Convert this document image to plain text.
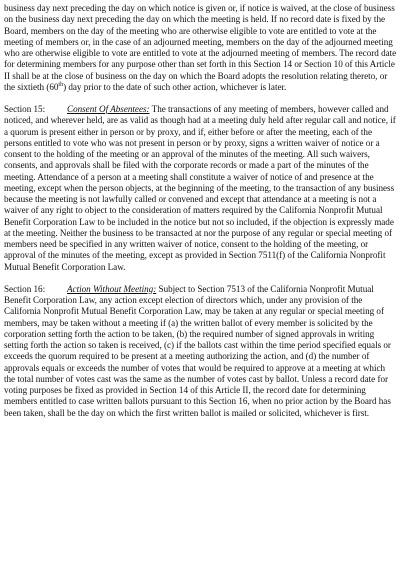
business day next preceding the day on which notice is given or, if notice is waived, at the close of business on the business day next preceding the day on which the meeting is held. If no record date is fixed by the Board, members on the day of the meeting who are otherwise eligible to vote are entitled to vote at the meeting of members or, in the case of an adjourned meeting, members on the day of the adjourned meeting who are otherwise eligible to vote are entitled to vote at the adjourned meeting of members. The record date for determining members for any purpose other than set forth in this Section 14 or Section 10 of this Article II shall be at the close of business on the day on which the Board adopts the resolution relating thereto, or the sixtieth (60th) day prior to the date of such other action, whichever is later.

Section 15: Consent Of Absentees: The transactions of any meeting of members, however called and noticed, and wherever held, are as valid as though had at a meeting duly held after regular call and notice, if a quorum is present either in person or by proxy, and if, either before or after the meeting, each of the persons entitled to vote who was not present in person or by proxy, signs a written waiver of notice or a consent to the holding of the meeting or an approval of the minutes of the meeting. All such waivers, consents, and approvals shall be filed with the corporate records or made a part of the minutes of the meeting. Attendance of a person at a meeting shall constitute a waiver of notice of and presence at the meeting, except when the person objects, at the beginning of the meeting, to the transaction of any business because the meeting is not lawfully called or convened and except that attendance at a meeting is not a waiver of any right to object to the consideration of matters required by the California Nonprofit Mutual Benefit Corporation Law to be included in the notice but not so included, if the objection is expressly made at the meeting. Neither the business to be transacted at nor the purpose of any regular or special meeting of members need be specified in any written waiver of notice, consent to the holding of the meeting, or approval of the minutes of the meeting, except as provided in Section 7511(f) of the California Nonprofit Mutual Benefit Corporation Law.

Section 16: Action Without Meeting: Subject to Section 7513 of the California Nonprofit Mutual Benefit Corporation Law, any action except election of directors which, under any provision of the California Nonprofit Mutual Benefit Corporation Law, may be taken at any regular or special meeting of members, may be taken without a meeting if (a) the written ballot of every member is solicited by the corporation setting forth the action to be taken, (b) the required number of signed approvals in writing setting forth the action so taken is received, (c) if the ballots cast within the time period specified equals or exceeds the quorum required to be present at a meeting authorizing the action, and (d) the number of approvals equals or exceeds the number of votes that would be required to approve at a meeting at which the total number of votes cast was the same as the number of votes cast by ballot. Unless a record date for voting purposes be fixed as provided in Section 14 of this Article II, the record date for determining members entitled to case written ballots pursuant to this Section 16, when no prior action by the Board has been taken, shall be the day on which the first written ballot is mailed or solicited, whichever is first.
